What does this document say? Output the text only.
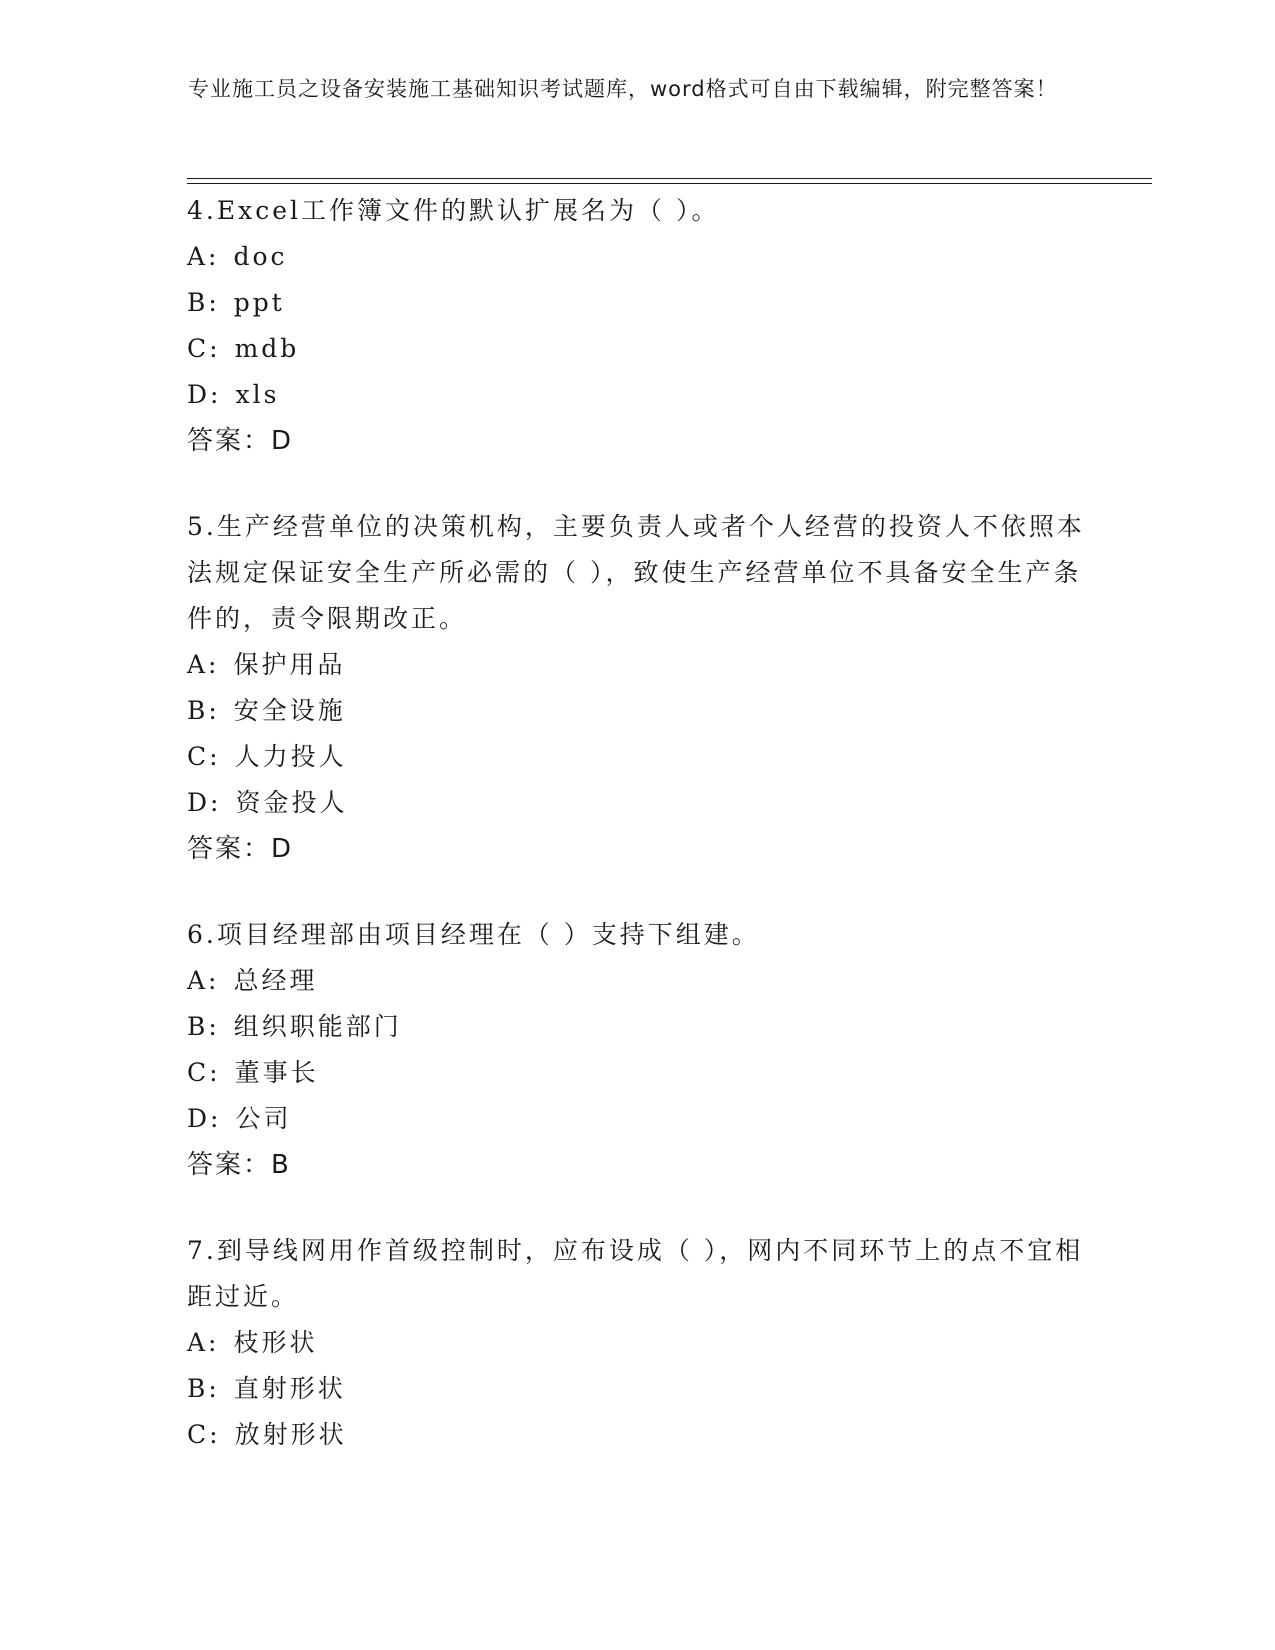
专业施工员之设备安装施工基础知识考试题库，word格式可自由下载编辑，附完整答案！
4.Excel工作簿文件的默认扩展名为（ ）。
A: doc
B: ppt
C: mdb
D: xls
答案：D
5.生产经营单位的决策机构，主要负责人或者个人经营的投资人不依照本法规定保证安全生产所必需的（ ），致使生产经营单位不具备安全生产条件的，责令限期改正。
A: 保护用品
B: 安全设施
C: 人力投人
D: 资金投人
答案：D
6.项目经理部由项目经理在（ ）支持下组建。
A: 总经理
B: 组织职能部门
C: 董事长
D: 公司
答案：B
7.到导线网用作首级控制时，应布设成（ ），网内不同环节上的点不宜相距过近。
A: 枝形状
B: 直射形状
C: 放射形状
